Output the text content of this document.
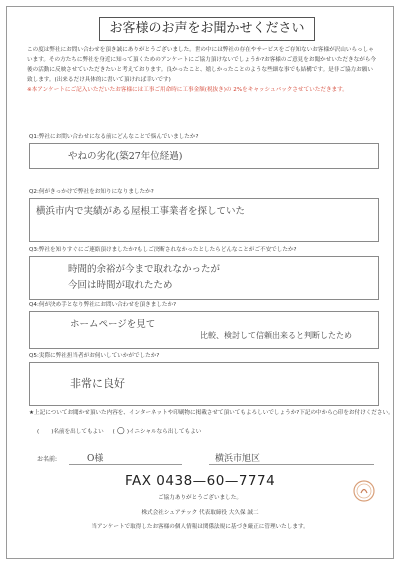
お客様のお声をお聞かせください
この度は弊社にお問い合わせを頂き誠にありがとうございました。世の中には弊社の存在やサービスをご存知ないお客様が沢山いらっしゃいます。その方たちに弊社を身近に知って頂くためのアンケートにご協力頂けないでしょうか?お客様のご意見をお聞かせいただきながら今後の活動に反映させていただきたいと考えております。良かったこと、嬉しかったことのような些細な事でも結構です。是非ご協力お願い致します。(出来るだけ具体的に書いて頂ければ幸いです)
※本アンケートにご記入いただいたお客様には工事ご用命時に工事金額(税抜き)の 2%をキャッシュバックさせていただきます。
Q1:弊社にお問い合わせになる前にどんなことで悩んでいましたか?
やねの劣化(築27年位経過)
Q2:何がきっかけで弊社をお知りになりましたか?
横浜市内で実績がある屋根工事業者を探していた
Q3:弊社を知りすぐにご連絡頂けましたか?もしご決断されなかったとしたらどんなことがご不安でしたか?
時間的余裕が今まで取れなかったが
今回は時間が取れたため
Q4:何が決め手となり弊社にお問い合わせを頂きましたか?
ホームページを見て
比較、検討して信頼出来ると判断したため
Q5:実際に弊社担当者がお伺いしていかがでしたか?
非常に良好
★上記についてお聞かせ頂いた内容を、インターネットや印刷物に掲載させて頂いてもよろしいでしょうか?下記の中から○印をお付けください。
( )名前を出してもよい     ( ○ )イニシャルなら出してもよい
お名前:	O様	横浜市旭区
FAX 0438—60—7774
ご協力ありがとうございました。
株式会社シュアテック 代表取締役 大久保 誠二
当アンケートで取得したお客様の個人情報は関係法規に基づき厳正に管理いたします。
